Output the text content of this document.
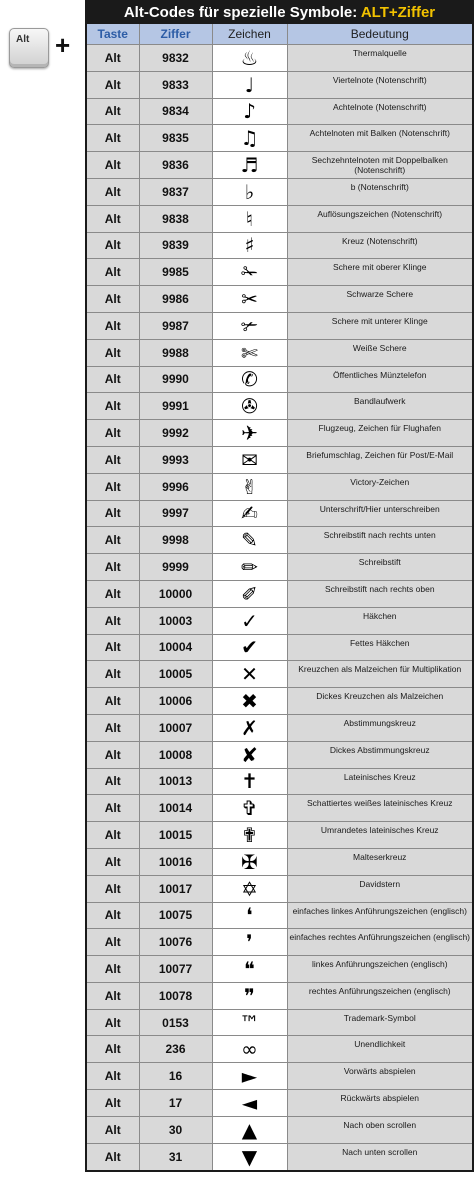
Alt +
Alt-Codes für spezielle Symbole: ALT+Ziffer
Taste	Ziffer	Zeichen	Bedeutung
Alt	9832	♨	Thermalquelle
Alt	9833	♩	Viertelnote (Notenschrift)
Alt	9834	♪	Achtelnote (Notenschrift)
Alt	9835	♫	Achtelnoten mit Balken (Notenschrift)
Alt	9836	♬	Sechzehntelnoten mit Doppelbalken (Notenschrift)
Alt	9837	♭	b (Notenschrift)
Alt	9838	♮	Auflösungszeichen (Notenschrift)
Alt	9839	♯	Kreuz (Notenschrift)
Alt	9985	✁	Schere mit oberer Klinge
Alt	9986	✂	Schwarze Schere
Alt	9987	✃	Schere mit unterer Klinge
Alt	9988	✄	Weiße Schere
Alt	9990	✆	Öffentliches Münztelefon
Alt	9991	✇	Bandlaufwerk
Alt	9992	✈	Flugzeug, Zeichen für Flughafen
Alt	9993	✉	Briefumschlag, Zeichen für Post/E-Mail
Alt	9996	✌	Victory-Zeichen
Alt	9997	✍	Unterschrift/Hier unterschreiben
Alt	9998	✎	Schreibstift nach rechts unten
Alt	9999	✏	Schreibstift
Alt	10000	✐	Schreibstift nach rechts oben
Alt	10003	✓	Häkchen
Alt	10004	✔	Fettes Häkchen
Alt	10005	✕	Kreuzchen als Malzeichen für Multiplikation
Alt	10006	✖	Dickes Kreuzchen als Malzeichen
Alt	10007	✗	Abstimmungskreuz
Alt	10008	✘	Dickes Abstimmungskreuz
Alt	10013	✝	Lateinisches Kreuz
Alt	10014	✞	Schattiertes weißes lateinisches Kreuz
Alt	10015	✟	Umrandetes lateinisches Kreuz
Alt	10016	✠	Malteserkreuz
Alt	10017	✡	Davidstern
Alt	10075	❛	einfaches linkes Anführungszeichen (englisch)
Alt	10076	❜	einfaches rechtes Anführungszeichen (englisch)
Alt	10077	❝	linkes Anführungszeichen (englisch)
Alt	10078	❞	rechtes Anführungszeichen (englisch)
Alt	0153	™	Trademark-Symbol
Alt	236	∞	Unendlichkeit
Alt	16	►	Vorwärts abspielen
Alt	17	◄	Rückwärts abspielen
Alt	30	▲	Nach oben scrollen
Alt	31	▼	Nach unten scrollen
